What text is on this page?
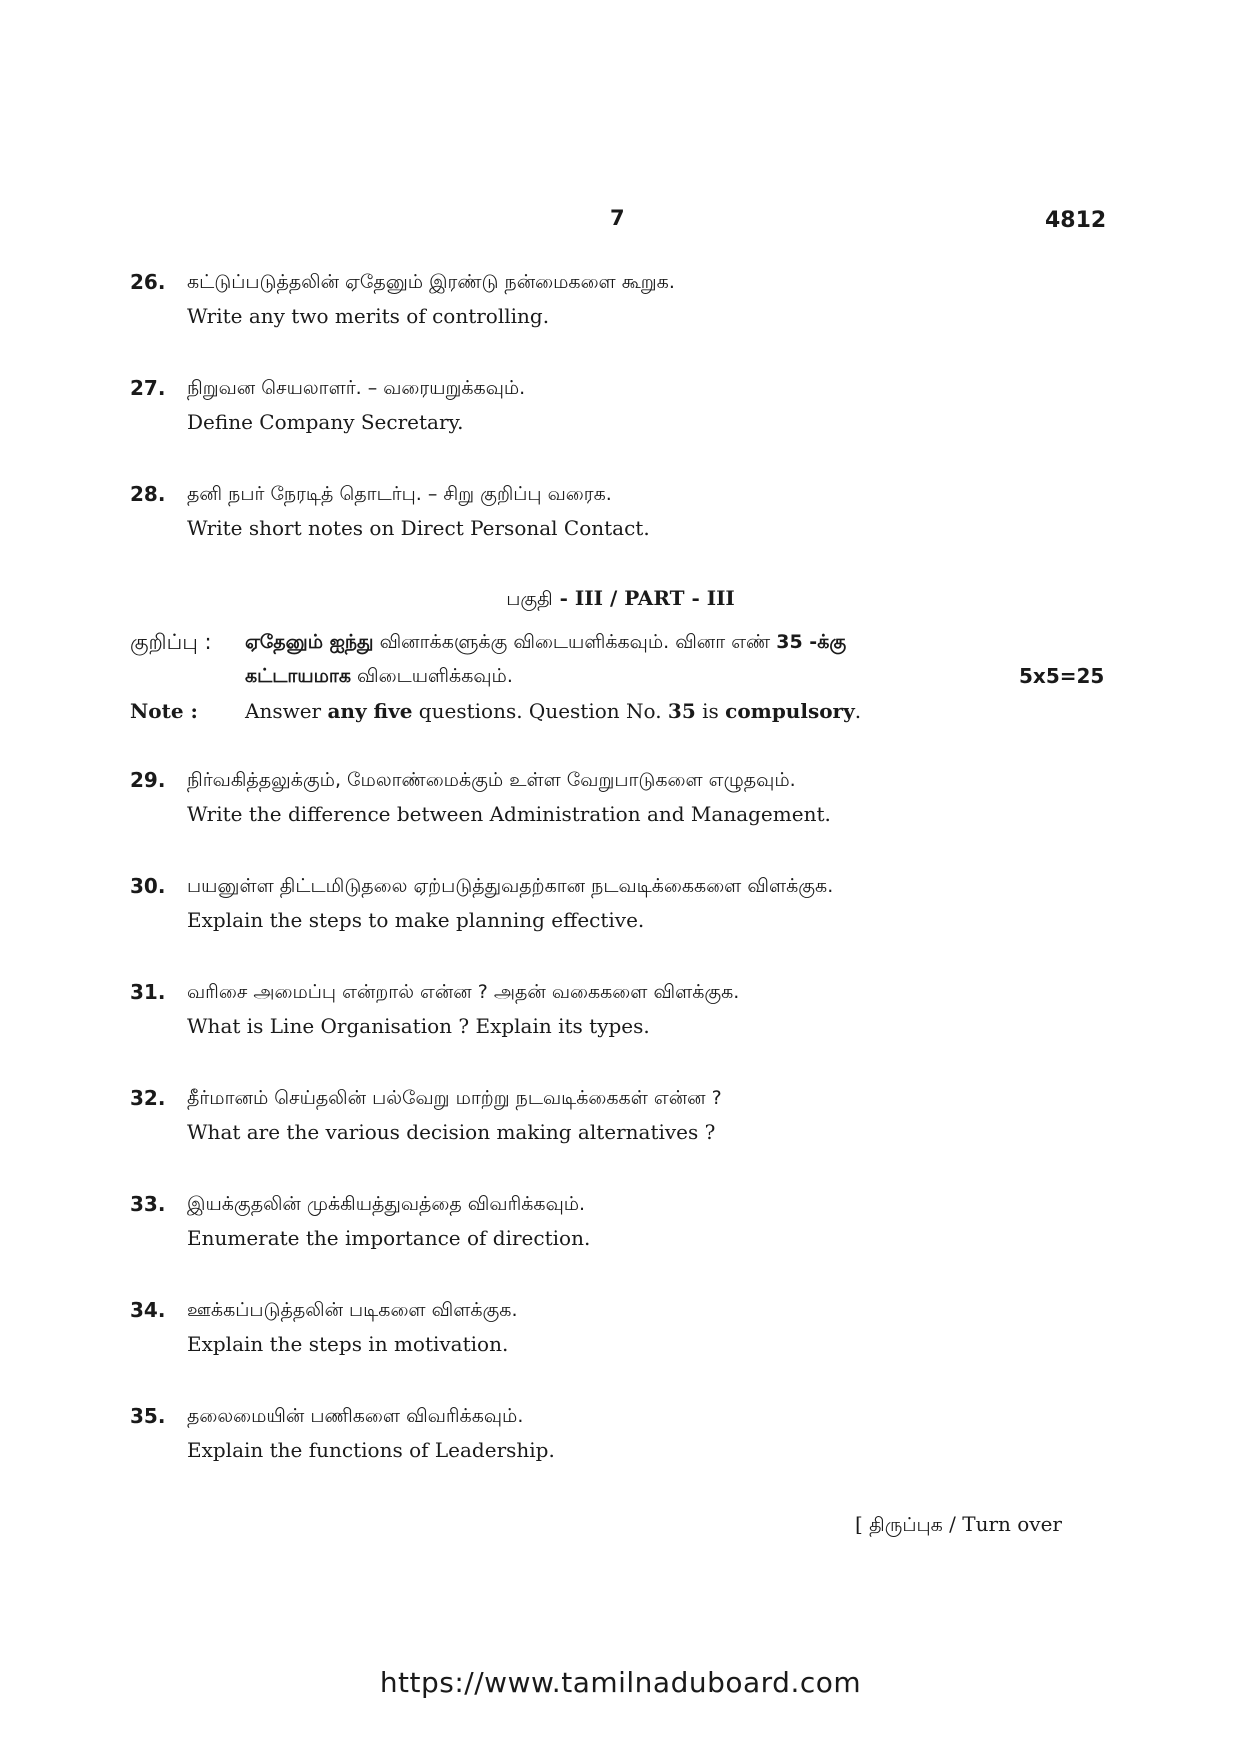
7	4812
26. கட்டுப்படுத்தலின் ஏதேனும் இரண்டு நன்மைகளை கூறுக.
Write any two merits of controlling.
27. நிறுவன செயலாளர். – வரையறுக்கவும்.
Define Company Secretary.
28. தனி நபர் நேரடித் தொடர்பு. – சிறு குறிப்பு வரைக.
Write short notes on Direct Personal Contact.
பகுதி - III / PART - III
குறிப்பு : ஏதேனும் ஐந்து வினாக்களுக்கு விடையளிக்கவும். வினா எண் 35 -க்கு
கட்டாயமாக விடையளிக்கவும்.	5x5=25
Note : Answer any five questions. Question No. 35 is compulsory.
29. நிர்வகித்தலுக்கும், மேலாண்மைக்கும் உள்ள வேறுபாடுகளை எழுதவும்.
Write the difference between Administration and Management.
30. பயனுள்ள திட்டமிடுதலை ஏற்படுத்துவதற்கான நடவடிக்கைகளை விளக்குக.
Explain the steps to make planning effective.
31. வரிசை அமைப்பு என்றால் என்ன ? அதன் வகைகளை விளக்குக.
What is Line Organisation ? Explain its types.
32. தீர்மானம் செய்தலின் பல்வேறு மாற்று நடவடிக்கைகள் என்ன ?
What are the various decision making alternatives ?
33. இயக்குதலின் முக்கியத்துவத்தை விவரிக்கவும்.
Enumerate the importance of direction.
34. ஊக்கப்படுத்தலின் படிகளை விளக்குக.
Explain the steps in motivation.
35. தலைமையின் பணிகளை விவரிக்கவும்.
Explain the functions of Leadership.
[ திருப்புக / Turn over
https://www.tamilnaduboard.com
